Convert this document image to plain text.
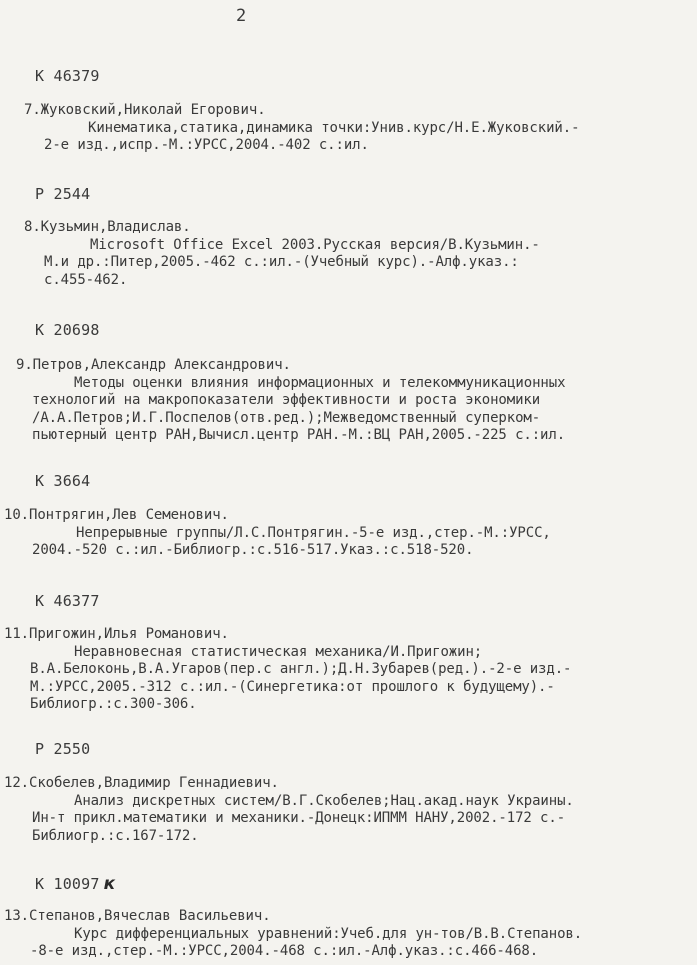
2
К 46379
7.Жуковский,Николай Егорович.
Кинематика,статика,динамика точки:Унив.курс/Н.Е.Жуковский.-
2-е изд.,испр.-М.:УРСС,2004.-402 с.:ил.
Р 2544
8.Кузьмин,Владислав.
Microsoft Office Excel 2003.Русская версия/В.Кузьмин.-
М.и др.:Питер,2005.-462 с.:ил.-(Учебный курс).-Алф.указ.:
с.455-462.
К 20698
9.Петров,Александр Александрович.
Методы оценки влияния информационных и телекоммуникационных
технологий на макропоказатели эффективности и роста экономики
/А.А.Петров;И.Г.Поспелов(отв.ред.);Межведомственный суперком-
пьютерный центр РАН,Вычисл.центр РАН.-М.:ВЦ РАН,2005.-225 с.:ил.
К 3664
10.Понтрягин,Лев Семенович.
Непрерывные группы/Л.С.Понтрягин.-5-е изд.,стер.-М.:УРСС,
2004.-520 с.:ил.-Библиогр.:с.516-517.Указ.:с.518-520.
К 46377
11.Пригожин,Илья Романович.
Неравновесная статистическая механика/И.Пригожин;
В.А.Белоконь,В.А.Угаров(пер.с англ.);Д.Н.Зубарев(ред.).-2-е изд.-
М.:УРСС,2005.-312 с.:ил.-(Синергетика:от прошлого к будущему).-
Библиогр.:с.300-306.
Р 2550
12.Скобелев,Владимир Геннадиевич.
Анализ дискретных систем/В.Г.Скобелев;Нац.акад.наук Украины.
Ин-т прикл.математики и механики.-Донецк:ИПММ НАНУ,2002.-172 с.-
Библиогр.:с.167-172.
К 10097 к
13.Степанов,Вячеслав Васильевич.
Курс дифференциальных уравнений:Учеб.для ун-тов/В.В.Степанов.
-8-е изд.,стер.-М.:УРСС,2004.-468 с.:ил.-Алф.указ.:с.466-468.
